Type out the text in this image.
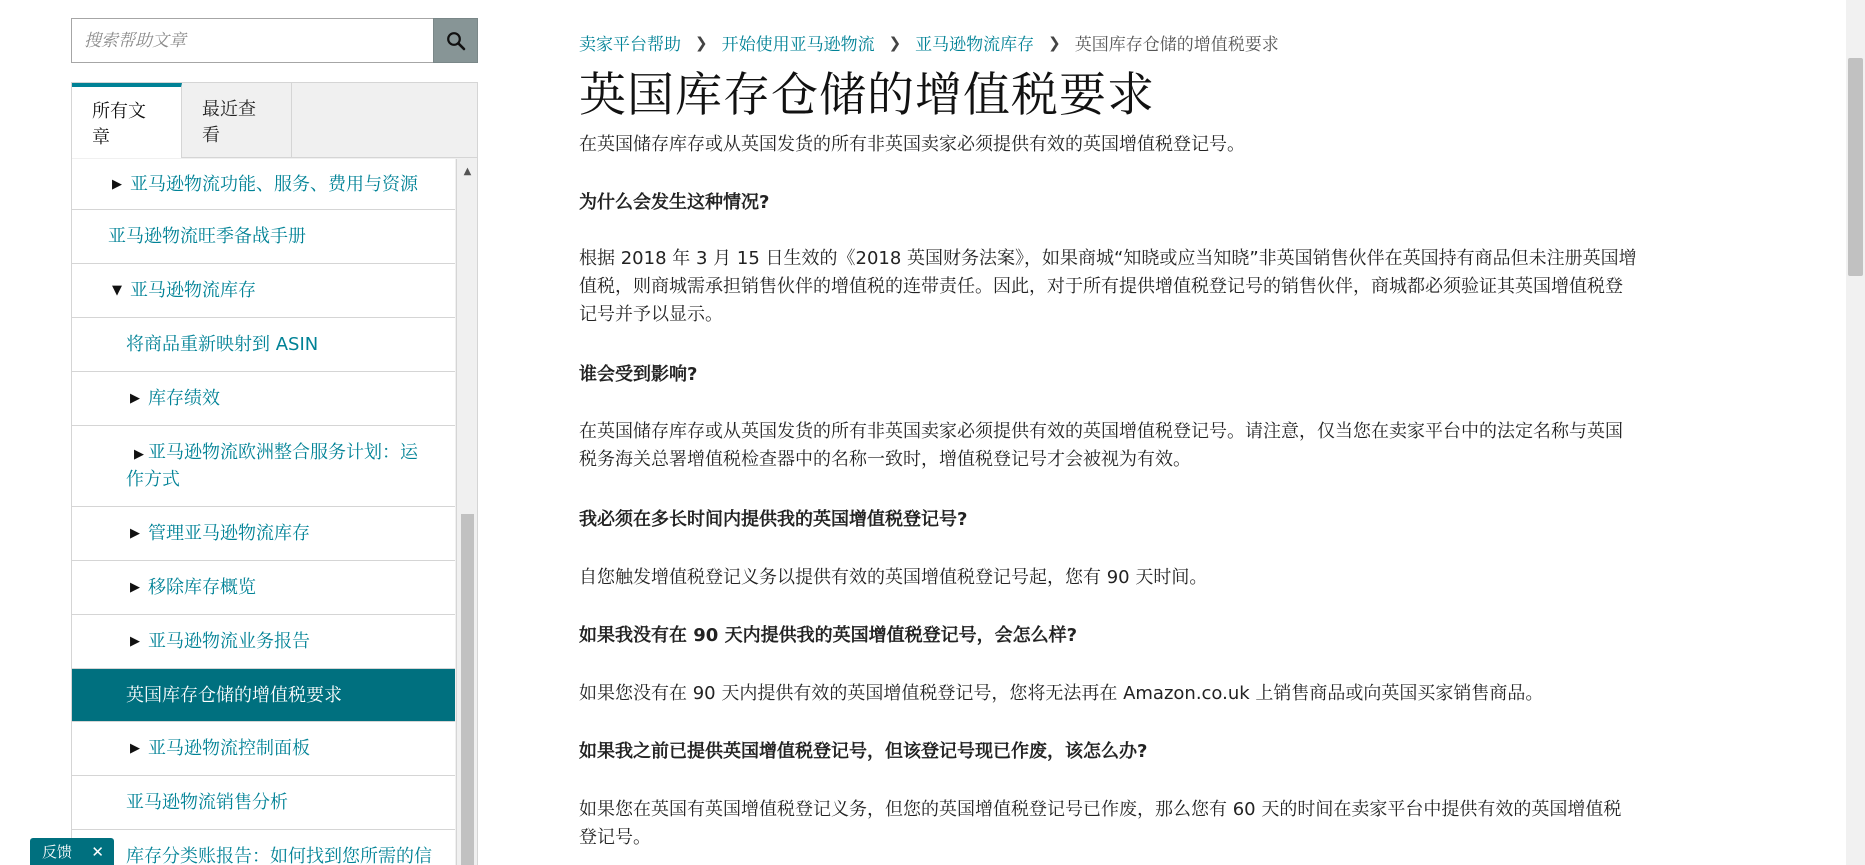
搜索帮助文章
所有文章
最近查看
▶ 亚马逊物流功能、服务、费用与资源
亚马逊物流旺季备战手册
▼ 亚马逊物流库存
将商品重新映射到 ASIN
▶ 库存绩效
▶ 亚马逊物流欧洲整合服务计划：运作方式
▶ 管理亚马逊物流库存
▶ 移除库存概览
▶ 亚马逊物流业务报告
英国库存仓储的增值税要求
▶ 亚马逊物流控制面板
亚马逊物流销售分析
库存分类账报告：如何找到您所需的信
▲
反馈 ✕
卖家平台帮助 ❯ 开始使用亚马逊物流 ❯ 亚马逊物流库存 ❯ 英国库存仓储的增值税要求
英国库存仓储的增值税要求

在英国储存库存或从英国发货的所有非英国卖家必须提供有效的英国增值税登记号。

为什么会发生这种情况?

根据 2018 年 3 月 15 日生效的《2018 英国财务法案》，如果商城“知晓或应当知晓”非英国销售伙伴在英国持有商品但未注册英国增值税，则商城需承担销售伙伴的增值税的连带责任。因此，对于所有提供增值税登记号的销售伙伴，商城都必须验证其英国增值税登记号并予以显示。

谁会受到影响?

在英国储存库存或从英国发货的所有非英国卖家必须提供有效的英国增值税登记号。请注意，仅当您在卖家平台中的法定名称与英国税务海关总署增值税检查器中的名称一致时，增值税登记号才会被视为有效。

我必须在多长时间内提供我的英国增值税登记号?

自您触发增值税登记义务以提供有效的英国增值税登记号起，您有 90 天时间。

如果我没有在 90 天内提供我的英国增值税登记号，会怎么样?

如果您没有在 90 天内提供有效的英国增值税登记号，您将无法再在 Amazon.co.uk 上销售商品或向英国买家销售商品。

如果我之前已提供英国增值税登记号，但该登记号现已作废，该怎么办?

如果您在英国有英国增值税登记义务，但您的英国增值税登记号已作废，那么您有 60 天的时间在卖家平台中提供有效的英国增值税登记号。
